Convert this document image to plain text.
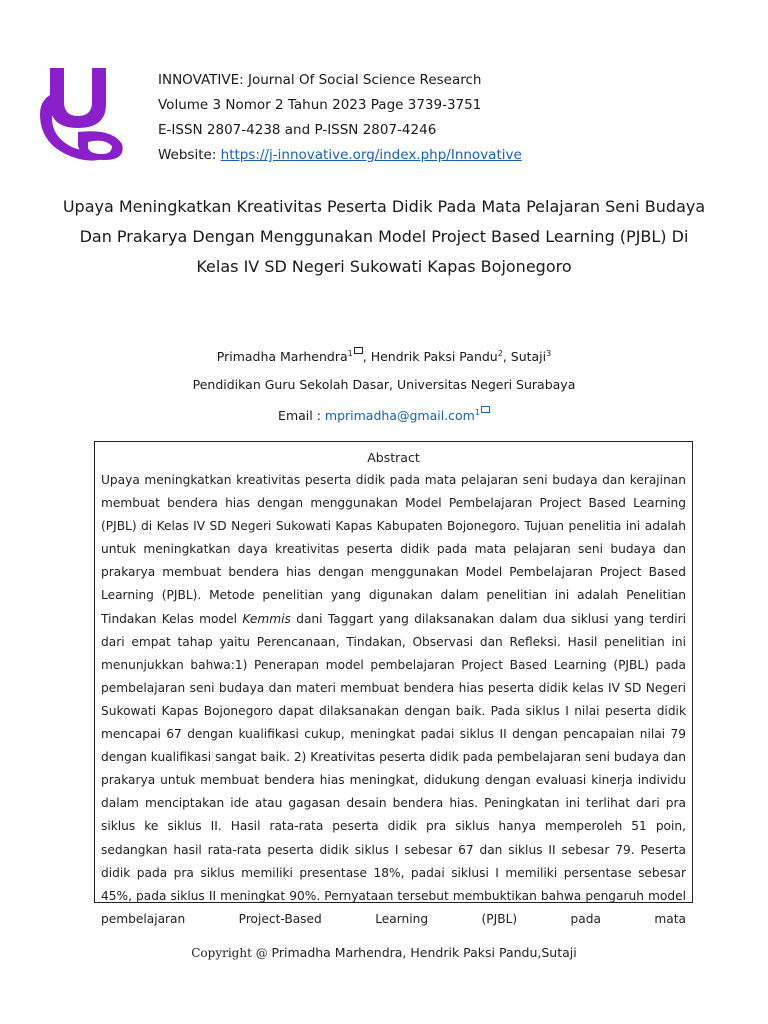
INNOVATIVE: Journal Of Social Science Research
Volume 3 Nomor 2 Tahun 2023 Page 3739-3751
E-ISSN 2807-4238 and P-ISSN 2807-4246
Website: https://j-innovative.org/index.php/Innovative
Upaya Meningkatkan Kreativitas Peserta Didik Pada Mata Pelajaran Seni Budaya Dan Prakarya Dengan Menggunakan Model Project Based Learning (PJBL) Di Kelas IV SD Negeri Sukowati Kapas Bojonegoro
Primadha Marhendra$^1$ , Hendrik Paksi Pandu$^2$, Sutaji$^3$
Pendidikan Guru Sekolah Dasar, Universitas Negeri Surabaya
Email : mprimadha@gmail.com$^1$
Abstract
Upaya meningkatkan kreativitas peserta didik pada mata pelajaran seni budaya dan kerajinan membuat bendera hias dengan menggunakan Model Pembelajaran Project Based Learning (PJBL) di Kelas IV SD Negeri Sukowati Kapas Kabupaten Bojonegoro. Tujuan penelitia ini adalah untuk meningkatkan daya kreativitas peserta didik pada mata pelajaran seni budaya dan prakarya membuat bendera hias dengan menggunakan Model Pembelajaran Project Based Learning (PJBL). Metode penelitian yang digunakan dalam penelitian ini adalah Penelitian Tindakan Kelas model Kemmis dani Taggart yang dilaksanakan dalam dua siklusi yang terdiri dari empat tahap yaitu Perencanaan, Tindakan, Observasi dan Refleksi. Hasil penelitian ini menunjukkan bahwa:1) Penerapan model pembelajaran Project Based Learning (PJBL) pada pembelajaran seni budaya dan materi membuat bendera hias peserta didik kelas IV SD Negeri Sukowati Kapas Bojonegoro dapat dilaksanakan dengan baik. Pada siklus I nilai peserta didik mencapai 67 dengan kualifikasi cukup, meningkat padai siklus II dengan pencapaian nilai 79 dengan kualifikasi sangat baik. 2) Kreativitas peserta didik pada pembelajaran seni budaya dan prakarya untuk membuat bendera hias meningkat, didukung dengan evaluasi kinerja individu dalam menciptakan ide atau gagasan desain bendera hias. Peningkatan ini terlihat dari pra siklus ke siklus II. Hasil rata-rata peserta didik pra siklus hanya memperoleh 51 poin, sedangkan hasil rata-rata peserta didik siklus I sebesar 67 dan siklus II sebesar 79. Peserta didik pada pra siklus memiliki presentase 18%, padai siklusi I memiliki persentase sebesar 45%, pada siklus II meningkat 90%. Pernyataan tersebut membuktikan bahwa pengaruh model pembelajaran Project-Based Learning (PJBL) pada mata
Copyright @ Primadha Marhendra, Hendrik Paksi Pandu,Sutaji
